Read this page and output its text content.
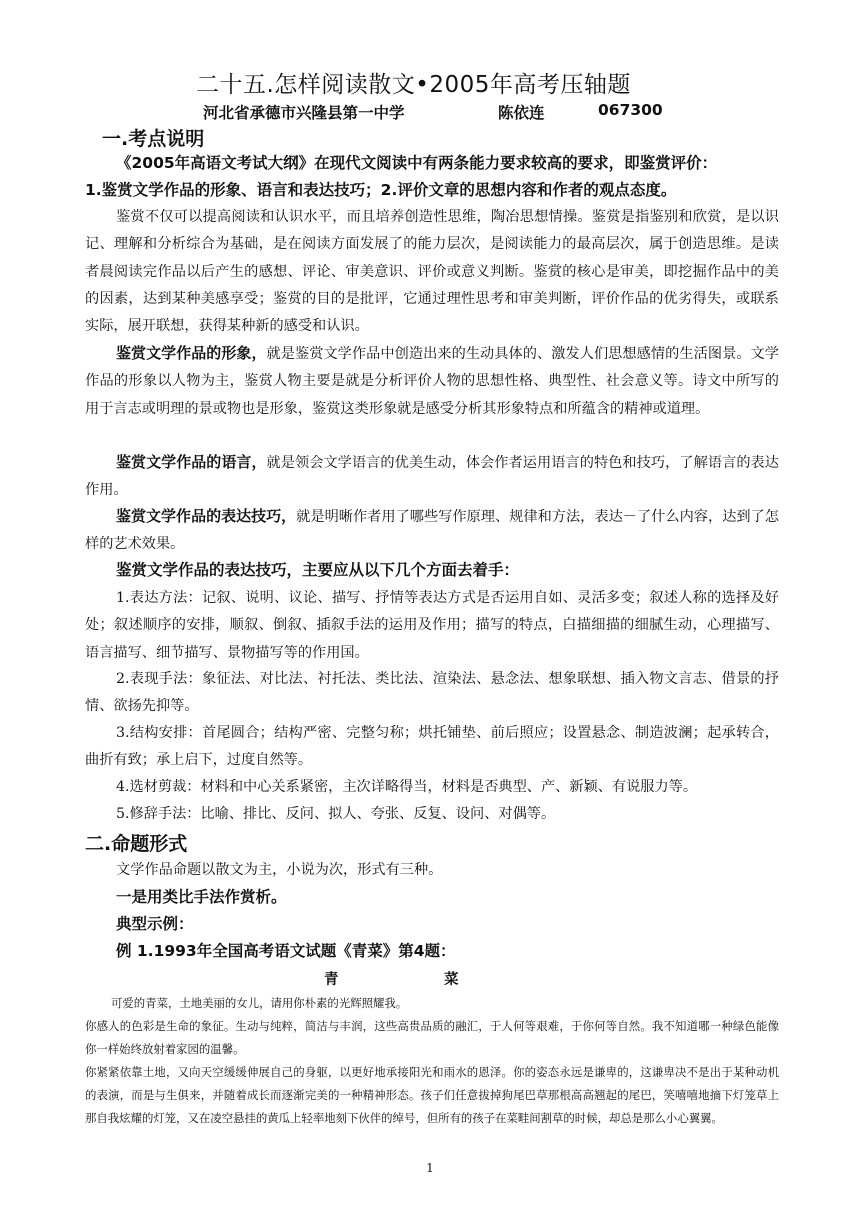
二十五.怎样阅读散文•2005年高考压轴题
河北省承德市兴隆县第一中学	陈依连	067300
一.考点说明
《2005年高语文考试大纲》在现代文阅读中有两条能力要求较高的要求，即鉴赏评价：
1.鉴赏文学作品的形象、语言和表达技巧；2.评价文章的思想内容和作者的观点态度。

鉴赏不仅可以提高阅读和认识水平，而且培养创造性思维，陶冶思想情操。鉴赏是指鉴别和欣赏，是以识记、理解和分析综合为基础，是在阅读方面发展了的能力层次，是阅读能力的最高层次，属于创造思维。是读者晨阅读完作品以后产生的感想、评论、审美意识、评价或意义判断。鉴赏的核心是审美，即挖掘作品中的美的因素，达到某种美感享受；鉴赏的目的是批评，它通过理性思考和审美判断，评价作品的优劣得失，或联系实际，展开联想，获得某种新的感受和认识。

鉴赏文学作品的形象，就是鉴赏文学作品中创造出来的生动具体的、激发人们思想感情的生活图景。文学作品的形象以人物为主，鉴赏人物主要是就是分析评价人物的思想性格、典型性、社会意义等。诗文中所写的用于言志或明理的景或物也是形象，鉴赏这类形象就是感受分析其形象特点和所蕴含的精神或道理。

鉴赏文学作品的语言，就是领会文学语言的优美生动，体会作者运用语言的特色和技巧，了解语言的表达作用。

鉴赏文学作品的表达技巧，就是明晰作者用了哪些写作原理、规律和方法，表达－了什么内容，达到了怎样的艺术效果。

鉴赏文学作品的表达技巧，主要应从以下几个方面去着手：

1.表达方法：记叙、说明、议论、描写、抒情等表达方式是否运用自如、灵活多变；叙述人称的选择及好处；叙述顺序的安排，顺叙、倒叙、插叙手法的运用及作用；描写的特点，白描细描的细腻生动，心理描写、语言描写、细节描写、景物描写等的作用国。

2.表现手法：象征法、对比法、衬托法、类比法、渲染法、悬念法、想象联想、插入物文言志、借景的抒情、欲扬先抑等。

3.结构安排：首尾圆合；结构严密、完整匀称；烘托铺垫、前后照应；设置悬念、制造波澜；起承转合，曲折有致；承上启下，过度自然等。

4.选材剪裁：材料和中心关系紧密，主次详略得当，材料是否典型、产、新颖、有说服力等。

5.修辞手法：比喻、排比、反问、拟人、夸张、反复、设问、对偶等。

二.命题形式

文学作品命题以散文为主，小说为次，形式有三种。

一是用类比手法作赏析。
典型示例：
例 1.1993年全国高考语文试题《青菜》第4题：
青	菜

可爱的青菜，土地美丽的女儿，请用你朴素的光辉照耀我。

你感人的色彩是生命的象征。生动与纯粹，简洁与丰润，这些高贵品质的融汇，于人何等艰难，于你何等自然。我不知道哪一种绿色能像你一样始终放射着家园的温馨。

你紧紧依靠土地，又向天空缓缓伸展自己的身躯，以更好地承接阳光和雨水的恩泽。你的姿态永远是谦卑的，这谦卑决不是出于某种动机的表演，而是与生俱来，并随着成长而逐渐完美的一种精神形态。孩子们任意拔掉狗尾巴草那根高高翘起的尾巴，笑嘻嘻地摘下灯笼草上那自我炫耀的灯笼，又在凌空悬挂的黄瓜上轻率地刻下伙伴的绰号，但所有的孩子在菜畦间割草的时候，却总是那么小心翼翼。

1
